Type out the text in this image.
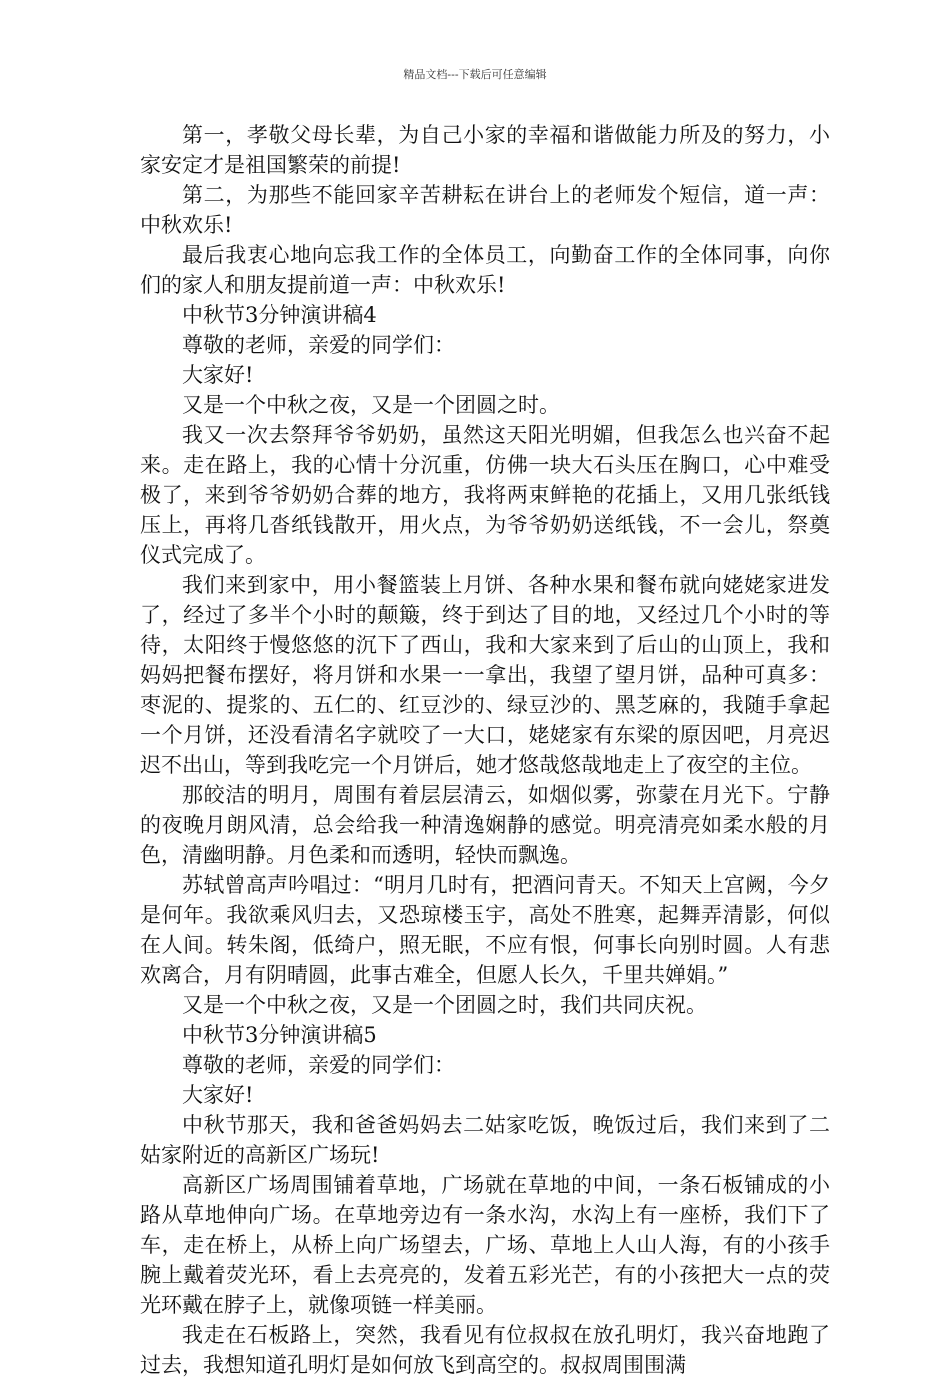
精品文档---下载后可任意编辑

第一，孝敬父母长辈，为自己小家的幸福和谐做能力所及的努力，小家安定才是祖国繁荣的前提!

第二，为那些不能回家辛苦耕耘在讲台上的老师发个短信，道一声：中秋欢乐!

最后我衷心地向忘我工作的全体员工，向勤奋工作的全体同事，向你们的家人和朋友提前道一声：中秋欢乐!

中秋节3分钟演讲稿4

尊敬的老师，亲爱的同学们：

大家好!

又是一个中秋之夜，又是一个团圆之时。

我又一次去祭拜爷爷奶奶，虽然这天阳光明媚，但我怎么也兴奋不起来。走在路上，我的心情十分沉重，仿佛一块大石头压在胸口，心中难受极了，来到爷爷奶奶合葬的地方，我将两束鲜艳的花插上，又用几张纸钱压上，再将几沓纸钱散开，用火点，为爷爷奶奶送纸钱，不一会儿，祭奠仪式完成了。

我们来到家中，用小餐篮装上月饼、各种水果和餐布就向姥姥家进发了，经过了多半个小时的颠簸，终于到达了目的地，又经过几个小时的等待，太阳终于慢悠悠的沉下了西山，我和大家来到了后山的山顶上，我和妈妈把餐布摆好，将月饼和水果一一拿出，我望了望月饼，品种可真多：枣泥的、提浆的、五仁的、红豆沙的、绿豆沙的、黑芝麻的，我随手拿起一个月饼，还没看清名字就咬了一大口，姥姥家有东梁的原因吧，月亮迟迟不出山，等到我吃完一个月饼后，她才悠哉悠哉地走上了夜空的主位。

那皎洁的明月，周围有着层层清云，如烟似雾，弥蒙在月光下。宁静的夜晚月朗风清，总会给我一种清逸娴静的感觉。明亮清亮如柔水般的月色，清幽明静。月色柔和而透明，轻快而飘逸。

苏轼曾高声吟唱过：“明月几时有，把酒问青天。不知天上宫阙，今夕是何年。我欲乘风归去，又恐琼楼玉宇，高处不胜寒，起舞弄清影，何似在人间。转朱阁，低绮户，照无眠，不应有恨，何事长向别时圆。人有悲欢离合，月有阴晴圆，此事古难全，但愿人长久，千里共婵娟。”

又是一个中秋之夜，又是一个团圆之时，我们共同庆祝。

中秋节3分钟演讲稿5

尊敬的老师，亲爱的同学们：

大家好!

中秋节那天，我和爸爸妈妈去二姑家吃饭，晚饭过后，我们来到了二姑家附近的高新区广场玩!

高新区广场周围铺着草地，广场就在草地的中间，一条石板铺成的小路从草地伸向广场。在草地旁边有一条水沟，水沟上有一座桥，我们下了车，走在桥上，从桥上向广场望去，广场、草地上人山人海，有的小孩手腕上戴着荧光环，看上去亮亮的，发着五彩光芒，有的小孩把大一点的荧光环戴在脖子上，就像项链一样美丽。

我走在石板路上，突然，我看见有位叔叔在放孔明灯，我兴奋地跑了过去，我想知道孔明灯是如何放飞到高空的。叔叔周围围满
